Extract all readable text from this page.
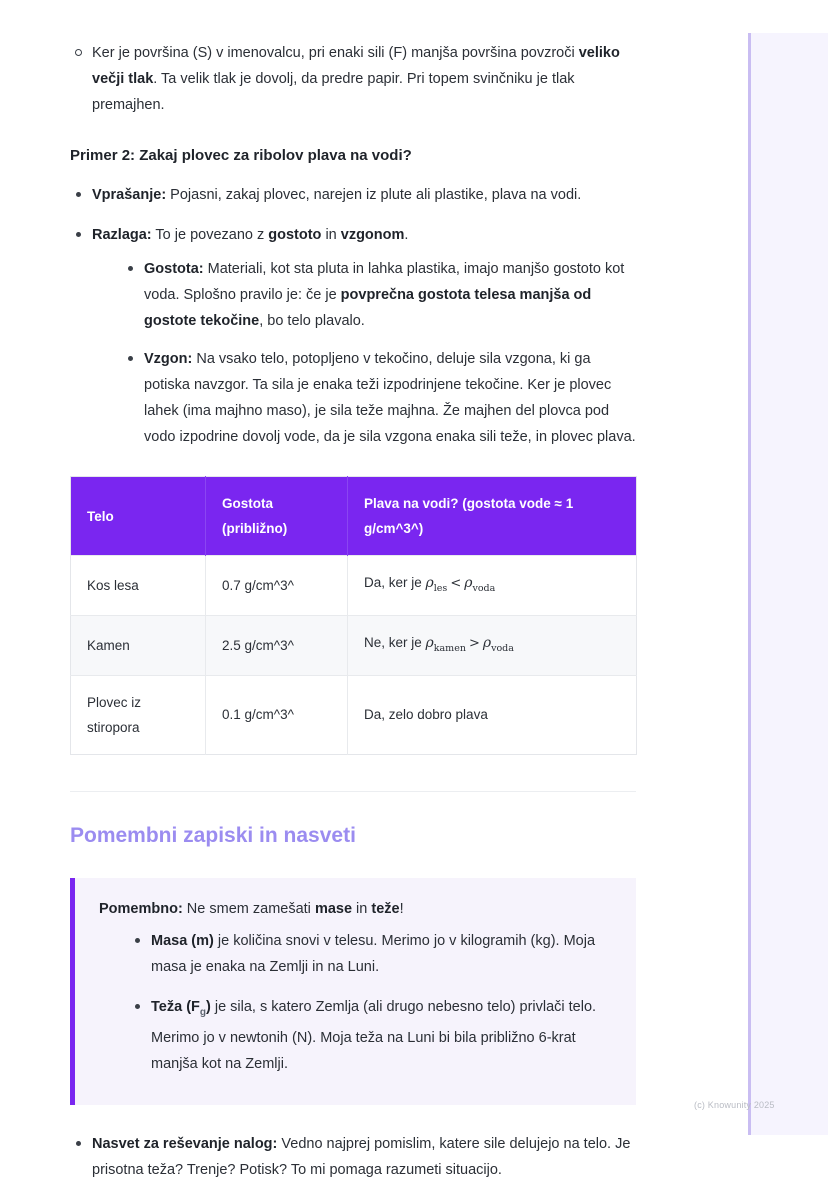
Ker je površina (S) v imenovalcu, pri enaki sili (F) manjša površina povzroči veliko večji tlak. Ta velik tlak je dovolj, da predre papir. Pri topem svinčniku je tlak premajhen.
Primer 2: Zakaj plovec za ribolov plava na vodi?
Vprašanje: Pojasni, zakaj plovec, narejen iz plute ali plastike, plava na vodi.
Razlaga: To je povezano z gostoto in vzgonom.
Gostota: Materiali, kot sta pluta in lahka plastika, imajo manjšo gostoto kot voda. Splošno pravilo je: če je povprečna gostota telesa manjša od gostote tekočine, bo telo plavalo.
Vzgon: Na vsako telo, potopljeno v tekočino, deluje sila vzgona, ki ga potiska navzgor. Ta sila je enaka teži izpodrinjene tekočine. Ker je plovec lahek (ima majhno maso), je sila teže majhna. Že majhen del plovca pod vodo izpodrine dovolj vode, da je sila vzgona enaka sili teže, in plovec plava.
Telo	Gostota (približno)	Plava na vodi? (gostota vode ≈ 1 g/cm^3^)
Kos lesa	0.7 g/cm^3^	Da, ker je $\rho_{les} < \rho_{voda}$
Kamen	2.5 g/cm^3^	Ne, ker je $\rho_{kamen} > \rho_{voda}$
Plovec iz stiropora	0.1 g/cm^3^	Da, zelo dobro plava
Pomembni zapiski in nasveti
Pomembno: Ne smem zamešati mase in teže!
Masa (m) je količina snovi v telesu. Merimo jo v kilogramih (kg). Moja masa je enaka na Zemlji in na Luni.
Teža $(F_g)$ je sila, s katero Zemlja (ali drugo nebesno telo) privlači telo. Merimo jo v newtonih (N). Moja teža na Luni bi bila približno 6-krat manjša kot na Zemlji.
Nasvet za reševanje nalog: Vedno najprej pomislim, katere sile delujejo na telo. Je prisotna teža? Trenje? Potisk? To mi pomaga razumeti situacijo.
(c) Knowunity 2025
